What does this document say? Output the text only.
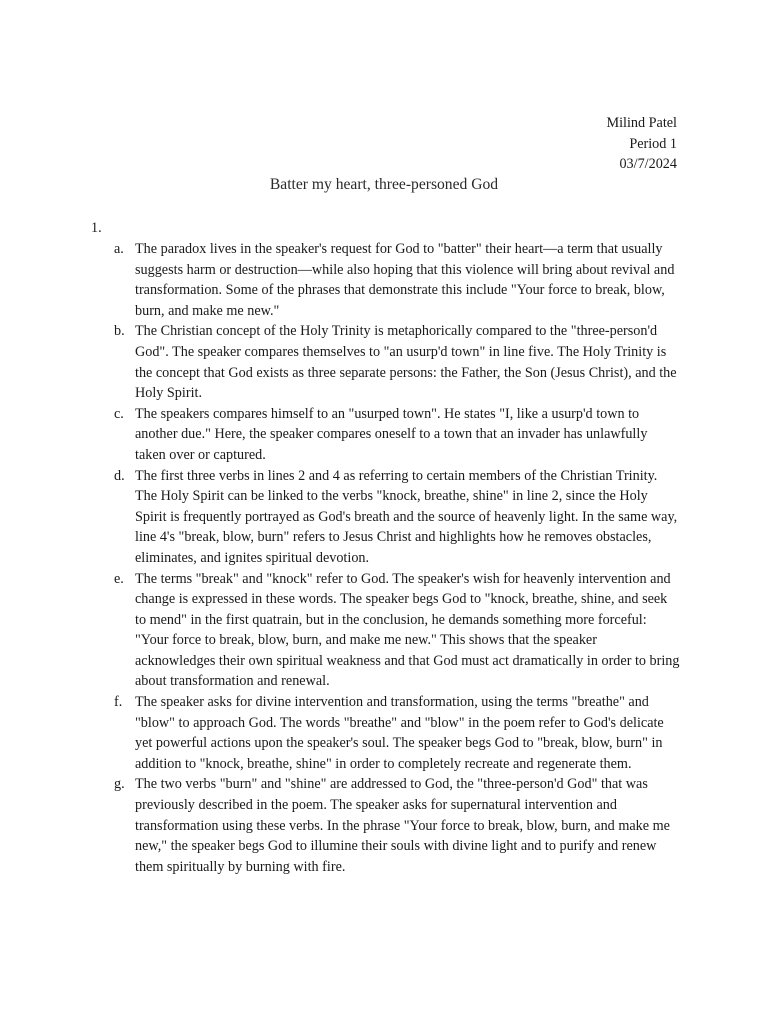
Milind Patel
Period 1
03/7/2024
Batter my heart, three-personed God
1.
a. The paradox lives in the speaker's request for God to "batter" their heart—a term that usually suggests harm or destruction—while also hoping that this violence will bring about revival and transformation. Some of the phrases that demonstrate this include "Your force to break, blow, burn, and make me new."
b. The Christian concept of the Holy Trinity is metaphorically compared to the "three-person'd God". The speaker compares themselves to "an usurp'd town" in line five. The Holy Trinity is the concept that God exists as three separate persons: the Father, the Son (Jesus Christ), and the Holy Spirit.
c. The speakers compares himself to an "usurped town". He states "I, like a usurp'd town to another due." Here, the speaker compares oneself to a town that an invader has unlawfully taken over or captured.
d. The first three verbs in lines 2 and 4 as referring to certain members of the Christian Trinity. The Holy Spirit can be linked to the verbs "knock, breathe, shine" in line 2, since the Holy Spirit is frequently portrayed as God's breath and the source of heavenly light. In the same way, line 4's "break, blow, burn" refers to Jesus Christ and highlights how he removes obstacles, eliminates, and ignites spiritual devotion.
e. The terms "break" and "knock" refer to God. The speaker's wish for heavenly intervention and change is expressed in these words. The speaker begs God to "knock, breathe, shine, and seek to mend" in the first quatrain, but in the conclusion, he demands something more forceful: "Your force to break, blow, burn, and make me new." This shows that the speaker acknowledges their own spiritual weakness and that God must act dramatically in order to bring about transformation and renewal.
f. The speaker asks for divine intervention and transformation, using the terms "breathe" and "blow" to approach God. The words "breathe" and "blow" in the poem refer to God's delicate yet powerful actions upon the speaker's soul. The speaker begs God to "break, blow, burn" in addition to "knock, breathe, shine" in order to completely recreate and regenerate them.
g. The two verbs "burn" and "shine" are addressed to God, the "three-person'd God" that was previously described in the poem. The speaker asks for supernatural intervention and transformation using these verbs. In the phrase "Your force to break, blow, burn, and make me new," the speaker begs God to illumine their souls with divine light and to purify and renew them spiritually by burning with fire.
